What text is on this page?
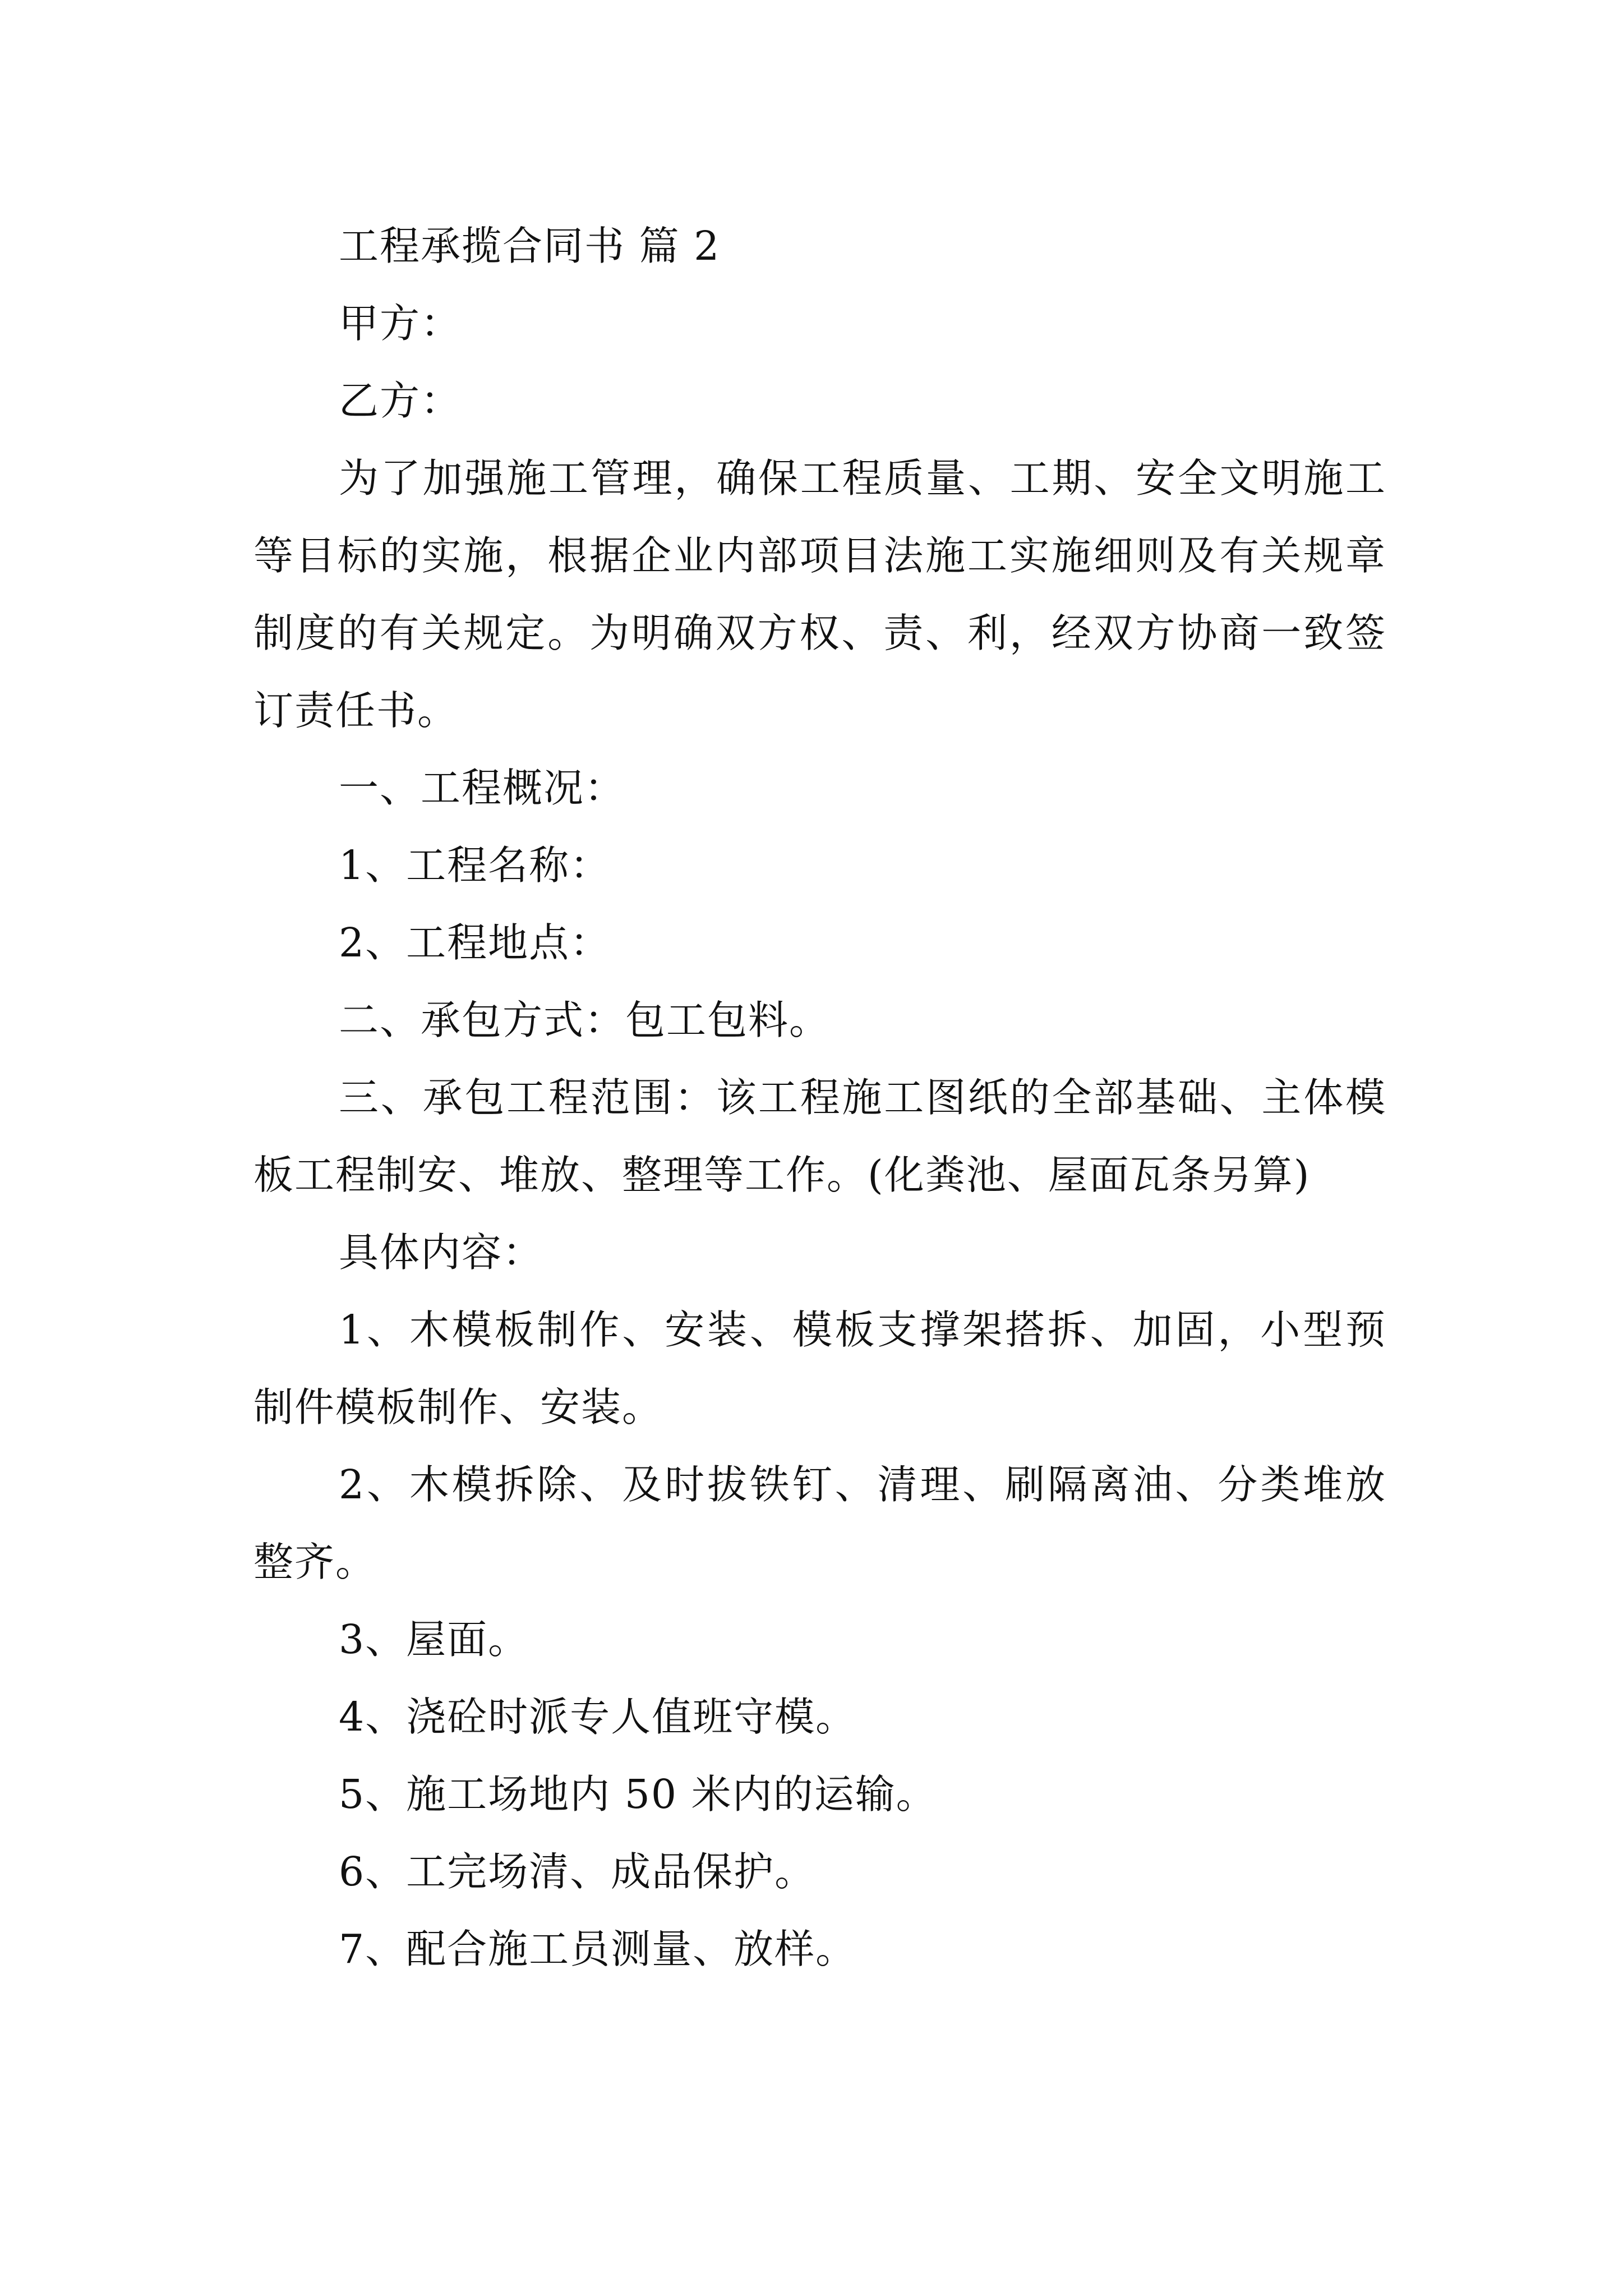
工程承揽合同书 篇 2

甲方：

乙方：

为了加强施工管理，确保工程质量、工期、安全文明施工等目标的实施，根据企业内部项目法施工实施细则及有关规章制度的有关规定。为明确双方权、责、利，经双方协商一致签订责任书。

一、工程概况：

1、工程名称：

2、工程地点：

二、承包方式：包工包料。

三、承包工程范围：该工程施工图纸的全部基础、主体模板工程制安、堆放、整理等工作。(化粪池、屋面瓦条另算)

具体内容：

1、木模板制作、安装、模板支撑架搭拆、加固，小型预制件模板制作、安装。

2、木模拆除、及时拔铁钉、清理、刷隔离油、分类堆放整齐。

3、屋面。

4、浇砼时派专人值班守模。

5、施工场地内 50 米内的运输。

6、工完场清、成品保护。

7、配合施工员测量、放样。
